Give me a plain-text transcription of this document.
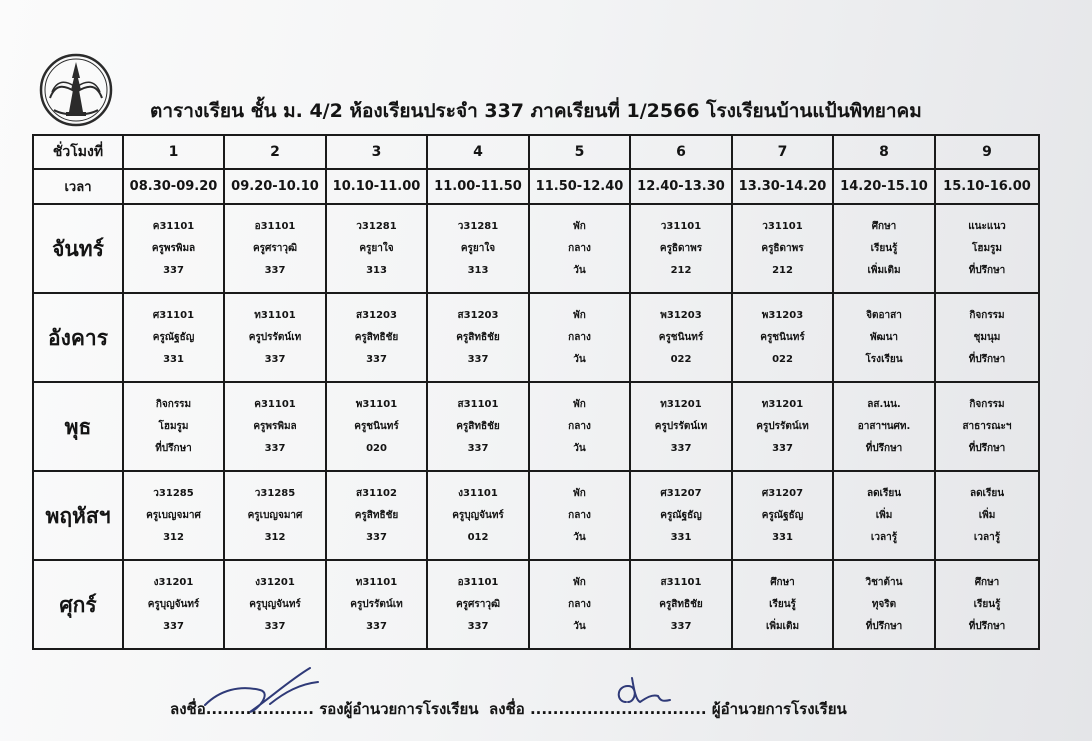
ตารางเรียน ชั้น ม. 4/2 ห้องเรียนประจำ 337 ภาคเรียนที่ 1/2566 โรงเรียนบ้านแป้นพิทยาคม
ชั่วโมงที่	1	2	3	4	5	6	7	8	9
เวลา	08.30-09.20	09.20-10.10	10.10-11.00	11.00-11.50	11.50-12.40	12.40-13.30	13.30-14.20	14.20-15.10	15.10-16.00
จันทร์	ค31101
ครูพรพิมล
337	อ31101
ครูศราวุฒิ
337	ว31281
ครูยาใจ
313	ว31281
ครูยาใจ
313	พัก
กลาง
วัน	ว31101
ครูธิดาพร
212	ว31101
ครูธิดาพร
212	ศึกษา
เรียนรู้
เพิ่มเติม	แนะแนว
โฮมรูม
ที่ปรึกษา

อังคาร	ศ31101
ครูณัฐธัญ
331	ท31101
ครูปรรัตน์เท
337	ส31203
ครูสิทธิชัย
337	ส31203
ครูสิทธิชัย
337	พัก
กลาง
วัน	พ31203
ครูชนินทร์
022	พ31203
ครูชนินทร์
022	จิตอาสา
พัฒนา
โรงเรียน	กิจกรรม
ชุมนุม
ที่ปรึกษา

พุธ	กิจกรรม
โฮมรูม
ที่ปรึกษา	ค31101
ครูพรพิมล
337	พ31101
ครูชนินทร์
020	ส31101
ครูสิทธิชัย
337	พัก
กลาง
วัน	ท31201
ครูปรรัตน์เท
337	ท31201
ครูปรรัตน์เท
337	ลส.นน.
อาสาฯนศท.
ที่ปรึกษา	กิจกรรม
สาธารณะฯ
ที่ปรึกษา

พฤหัสฯ	ว31285
ครูเบญจมาศ
312	ว31285
ครูเบญจมาศ
312	ส31102
ครูสิทธิชัย
337	ง31101
ครูบุญจันทร์
012	พัก
กลาง
วัน	ศ31207
ครูณัฐธัญ
331	ศ31207
ครูณัฐธัญ
331	ลดเรียน
เพิ่ม
เวลารู้	ลดเรียน
เพิ่ม
เวลารู้

ศุกร์	ง31201
ครูบุญจันทร์
337	ง31201
ครูบุญจันทร์
337	ท31101
ครูปรรัตน์เท
337	อ31101
ครูศราวุฒิ
337	พัก
กลาง
วัน	ส31101
ครูสิทธิชัย
337	ศึกษา
เรียนรู้
เพิ่มเติม	วิชาต้าน
ทุจริต
ที่ปรึกษา	ศึกษา
เรียนรู้
ที่ปรึกษา
ลงชื่อ................... รองผู้อำนวยการโรงเรียน ลงชื่อ ............................... ผู้อำนวยการโรงเรียน
